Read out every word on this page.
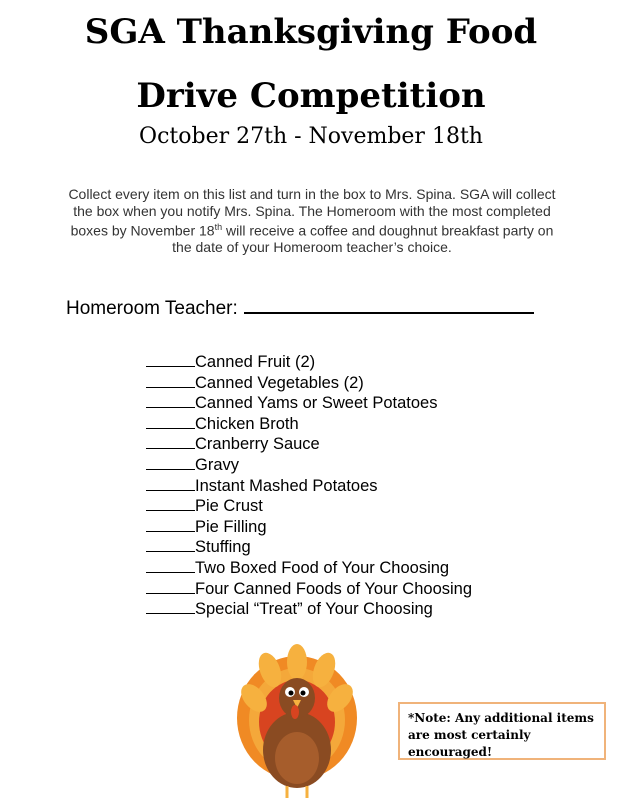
SGA Thanksgiving Food
Drive Competition
October 27th - November 18th
Collect every item on this list and turn in the box to Mrs. Spina. SGA will collect the box when you notify Mrs. Spina. The Homeroom with the most completed boxes by November 18th will receive a coffee and doughnut breakfast party on the date of your Homeroom teacher’s choice.
Homeroom Teacher:
Canned Fruit (2)
Canned Vegetables (2)
Canned Yams or Sweet Potatoes
Chicken Broth
Cranberry Sauce
Gravy
Instant Mashed Potatoes
Pie Crust
Pie Filling
Stuffing
Two Boxed Food of Your Choosing
Four Canned Foods of Your Choosing
Special “Treat” of Your Choosing
*Note: Any additional items are most certainly encouraged!
